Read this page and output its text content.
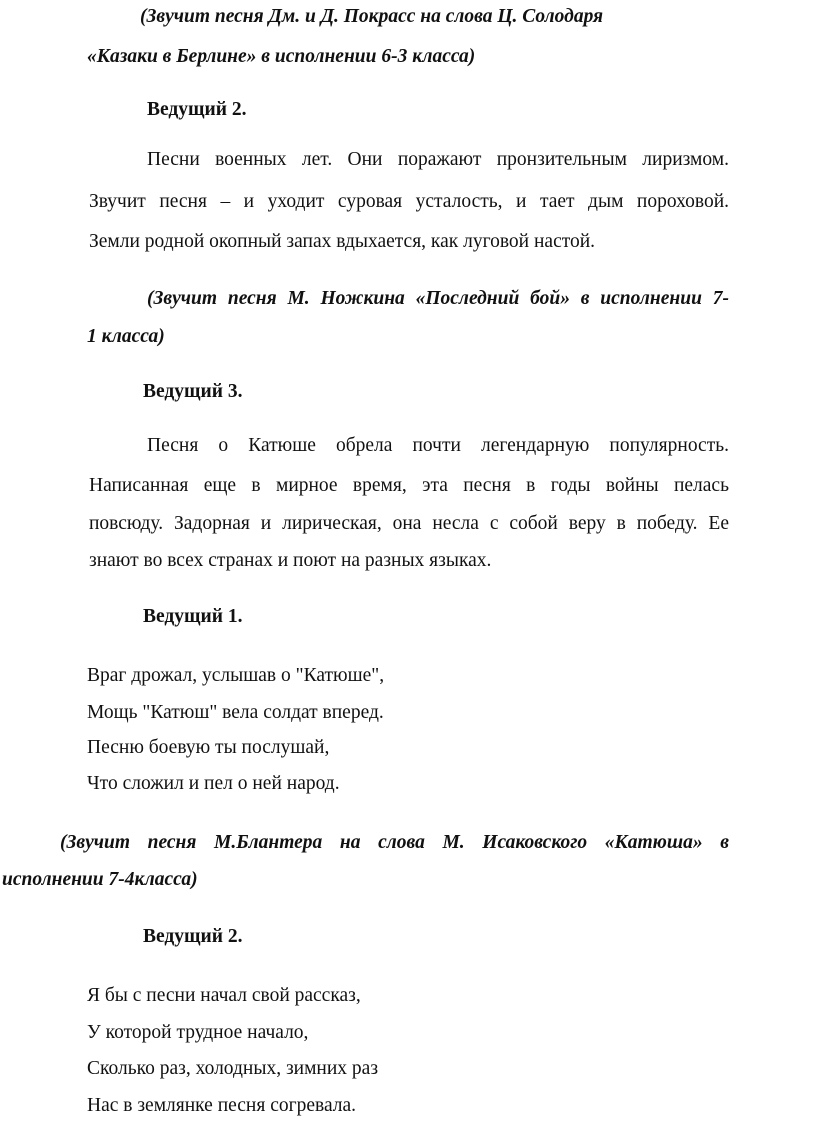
(Звучит песня Дм. и Д. Покрасс на слова Ц. Солодаря
«Казаки в Берлине» в исполнении 6-3 класса)
Ведущий 2.
Песни военных лет. Они поражают пронзительным лиризмом.
Звучит песня – и уходит суровая усталость, и тает дым пороховой.
Земли родной окопный запах вдыхается, как луговой настой.
(Звучит песня М. Ножкина «Последний бой» в исполнении 7-
1 класса)
Ведущий 3.
Песня о Катюше обрела почти легендарную популярность.
Написанная еще в мирное время, эта песня в годы войны пелась
повсюду. Задорная и лирическая, она несла с собой веру в победу. Ее
знают во всех странах и поют на разных языках.
Ведущий 1.
Враг дрожал, услышав о "Катюше",
Мощь "Катюш" вела солдат вперед.
Песню боевую ты послушай,
Что сложил и пел о ней народ.
(Звучит песня М.Блантера на слова М. Исаковского «Катюша» в
исполнении 7-4класса)
Ведущий 2.
Я бы с песни начал свой рассказ,
У которой трудное начало,
Сколько раз, холодных, зимних раз
Нас в землянке песня согревала.
